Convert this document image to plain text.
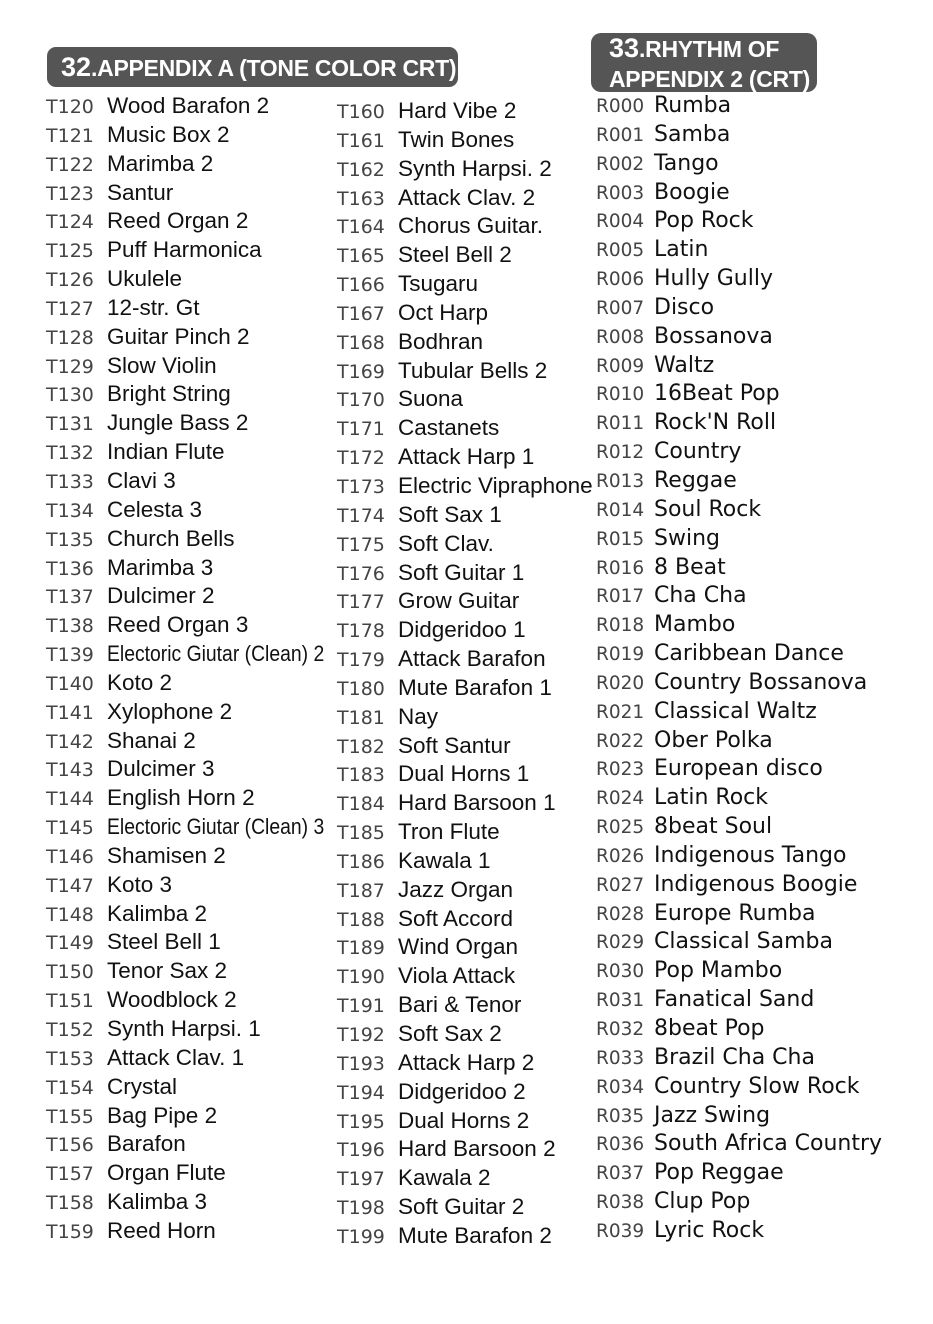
32.APPENDIX A (TONE COLOR CRT)
33.RHYTHM OF
APPENDIX 2 (CRT)
T120 Wood Barafon 2
T121 Music Box 2
T122 Marimba 2
T123 Santur
T124 Reed Organ 2
T125 Puff Harmonica
T126 Ukulele
T127 12-str. Gt
T128 Guitar Pinch 2
T129 Slow Violin
T130 Bright String
T131 Jungle Bass 2
T132 Indian Flute
T133 Clavi 3
T134 Celesta 3
T135 Church Bells
T136 Marimba 3
T137 Dulcimer 2
T138 Reed Organ 3
T139 Electoric Giutar (Clean) 2
T140 Koto 2
T141 Xylophone 2
T142 Shanai 2
T143 Dulcimer 3
T144 English Horn 2
T145 Electoric Giutar (Clean) 3
T146 Shamisen 2
T147 Koto 3
T148 Kalimba 2
T149 Steel Bell 1
T150 Tenor Sax 2
T151 Woodblock 2
T152 Synth Harpsi. 1
T153 Attack Clav. 1
T154 Crystal
T155 Bag Pipe 2
T156 Barafon
T157 Organ Flute
T158 Kalimba 3
T159 Reed Horn
T160 Hard Vibe 2
T161 Twin Bones
T162 Synth Harpsi. 2
T163 Attack Clav. 2
T164 Chorus Guitar.
T165 Steel Bell 2
T166 Tsugaru
T167 Oct Harp
T168 Bodhran
T169 Tubular Bells 2
T170 Suona
T171 Castanets
T172 Attack Harp 1
T173 Electric Vipraphone
T174 Soft Sax 1
T175 Soft Clav.
T176 Soft Guitar 1
T177 Grow Guitar
T178 Didgeridoo 1
T179 Attack Barafon
T180 Mute Barafon 1
T181 Nay
T182 Soft Santur
T183 Dual Horns 1
T184 Hard Barsoon 1
T185 Tron Flute
T186 Kawala 1
T187 Jazz Organ
T188 Soft Accord
T189 Wind Organ
T190 Viola Attack
T191 Bari & Tenor
T192 Soft Sax 2
T193 Attack Harp 2
T194 Didgeridoo 2
T195 Dual Horns 2
T196 Hard Barsoon 2
T197 Kawala 2
T198 Soft Guitar 2
T199 Mute Barafon 2
R000 Rumba
R001 Samba
R002 Tango
R003 Boogie
R004 Pop Rock
R005 Latin
R006 Hully Gully
R007 Disco
R008 Bossanova
R009 Waltz
R010 16Beat Pop
R011 Rock'N Roll
R012 Country
R013 Reggae
R014 Soul Rock
R015 Swing
R016 8 Beat
R017 Cha Cha
R018 Mambo
R019 Caribbean Dance
R020 Country Bossanova
R021 Classical Waltz
R022 Ober Polka
R023 European disco
R024 Latin Rock
R025 8beat Soul
R026 Indigenous Tango
R027 Indigenous Boogie
R028 Europe Rumba
R029 Classical Samba
R030 Pop Mambo
R031 Fanatical Sand
R032 8beat Pop
R033 Brazil Cha Cha
R034 Country Slow Rock
R035 Jazz Swing
R036 South Africa Country
R037 Pop Reggae
R038 Clup Pop
R039 Lyric Rock
